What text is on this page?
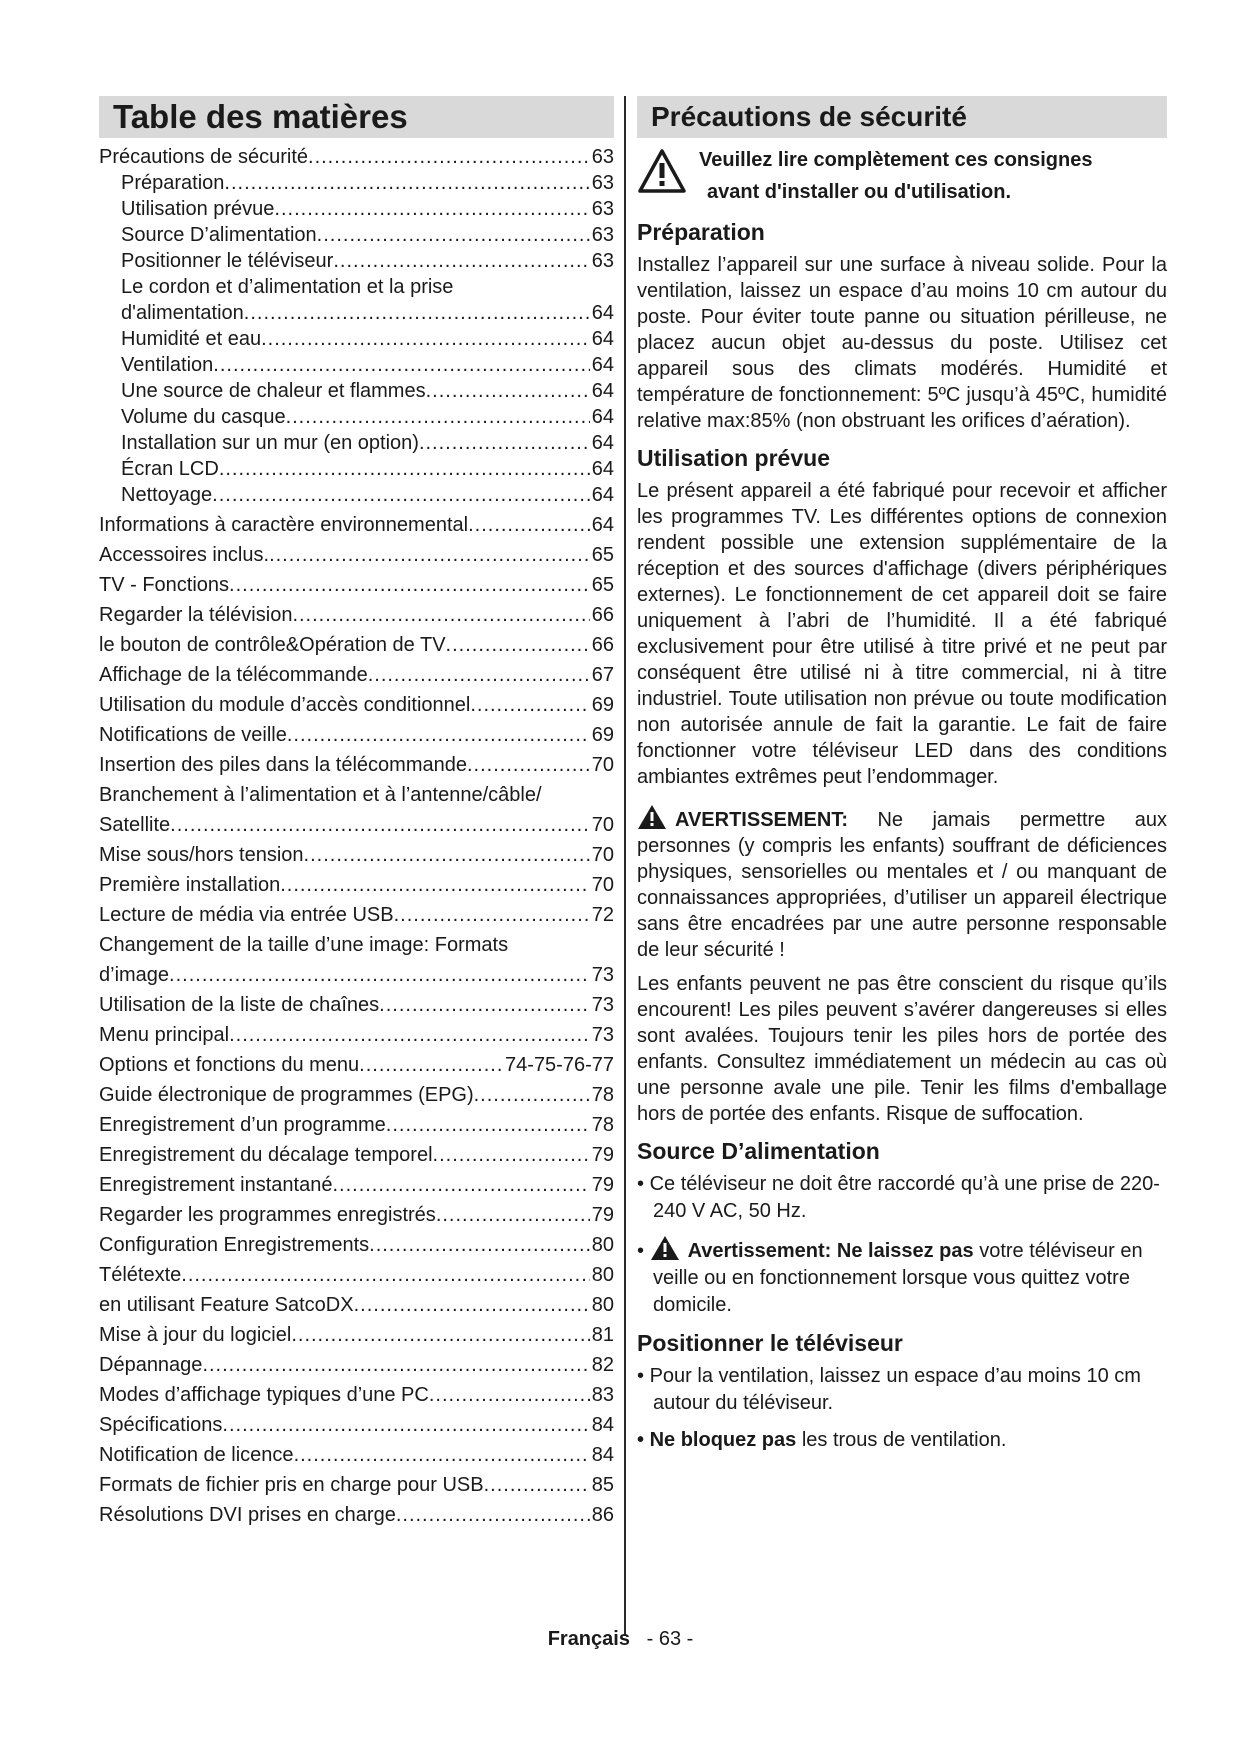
Table des matières
Précautions de sécurité .....	63
Préparation .....	63
Utilisation prévue .....	63
Source D’alimentation .....	63
Positionner le téléviseur .....	63
Le cordon et d’alimentation et la prise
d'alimentation .....	64
Humidité et eau .....	64
Ventilation .....	64
Une source de chaleur et flammes .....	64
Volume du casque .....	64
Installation sur un mur (en option) .....	64
Écran LCD .....	64
Nettoyage .....	64
Informations à caractère environnemental .....	64
Accessoires inclus. .....	65
TV - Fonctions .....	65
Regarder la télévision .....	66
le bouton de contrôle&Opération de TV .....	66
Affichage de la télécommande .....	67
Utilisation du module d’accès conditionnel .....	69
Notifications de veille .....	69
Insertion des piles dans la télécommande .....	70
Branchement à l’alimentation et à l’antenne/câble/
Satellite .....	70
Mise sous/hors tension .....	70
Première installation .....	70
Lecture de média via entrée USB .....	72
Changement de la taille d’une image: Formats
d’image .....	73
Utilisation de la liste de chaînes .....	73
Menu principal .....	73
Options et fonctions du menu .....	74-75-76-77
Guide électronique de programmes (EPG) .....	78
Enregistrement d’un programme .....	78
Enregistrement du décalage temporel .....	79
Enregistrement instantané .....	79
Regarder les programmes enregistrés .....	79
Configuration Enregistrements .....	80
Télétexte .....	80
en utilisant Feature SatcoDX .....	80
Mise à jour du logiciel .....	81
Dépannage .....	82
Modes d’affichage typiques d’une PC .....	83
Spécifications .....	84
Notification de licence .....	84
Formats de fichier pris en charge pour USB .....	85
Résolutions DVI prises en charge .....	86
Précautions de sécurité
Veuillez lire complètement ces consignes
avant d'installer ou d'utilisation.
Préparation

Installez l’appareil sur une surface à niveau solide. Pour la ventilation, laissez un espace d’au moins 10 cm autour du poste. Pour éviter toute panne ou situation périlleuse, ne placez aucun objet au-dessus du poste. Utilisez cet appareil sous des climats modérés. Humidité et température de fonctionnement: 5ºC jusqu’à 45ºC, humidité relative max:85% (non obstruant les orifices d’aération).

Utilisation prévue

Le présent appareil a été fabriqué pour recevoir et afficher les programmes TV. Les différentes options de connexion rendent possible une extension supplémentaire de la réception et des sources d'affichage (divers périphériques externes). Le fonctionnement de cet appareil doit se faire uniquement à l’abri de l’humidité. Il a été fabriqué exclusivement pour être utilisé à titre privé et ne peut par conséquent être utilisé ni à titre commercial, ni à titre industriel. Toute utilisation non prévue ou toute modification non autorisée annule de fait la garantie. Le fait de faire fonctionner votre téléviseur LED dans des conditions ambiantes extrêmes peut l’endommager.

AVERTISSEMENT: Ne jamais permettre aux personnes (y compris les enfants) souffrant de déficiences physiques, sensorielles ou mentales et / ou manquant de connaissances appropriées, d’utiliser un appareil électrique sans être encadrées par une autre personne responsable de leur sécurité !

Les enfants peuvent ne pas être conscient du risque qu’ils encourent! Les piles peuvent s’avérer dangereuses si elles sont avalées. Toujours tenir les piles hors de portée des enfants. Consultez immédiatement un médecin au cas où une personne avale une pile. Tenir les films d'emballage hors de portée des enfants. Risque de suffocation.

Source D’alimentation
• Ce téléviseur ne doit être raccordé qu’à une prise de 220-240 V AC, 50 Hz.
• Avertissement: Ne laissez pas votre téléviseur en veille ou en fonctionnement lorsque vous quittez votre domicile.
Positionner le téléviseur
• Pour la ventilation, laissez un espace d’au moins 10 cm autour du téléviseur.
• Ne bloquez pas les trous de ventilation.
Français - 63 -
